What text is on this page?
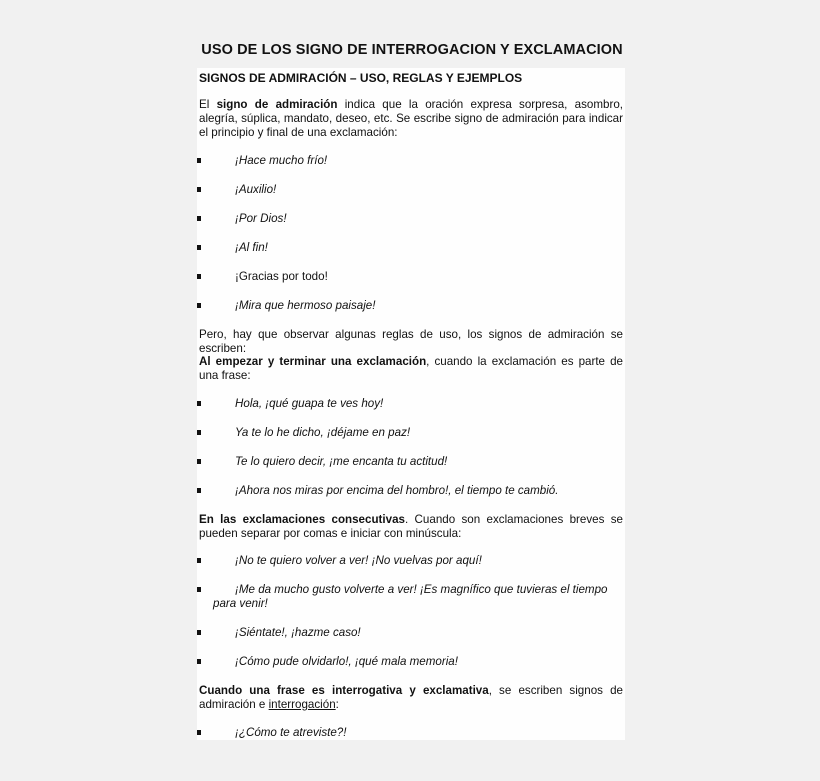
USO DE LOS SIGNO DE INTERROGACION Y EXCLAMACION
SIGNOS DE ADMIRACIÓN – USO, REGLAS Y EJEMPLOS
El signo de admiración indica que la oración expresa sorpresa, asombro, alegría, súplica, mandato, deseo, etc. Se escribe signo de admiración para indicar el principio y final de una exclamación:
¡Hace mucho frío!
¡Auxilio!
¡Por Dios!
¡Al fin!
¡Gracias por todo!
¡Mira que hermoso paisaje!
Pero, hay que observar algunas reglas de uso, los signos de admiración se escriben:
Al empezar y terminar una exclamación, cuando la exclamación es parte de una frase:
Hola, ¡qué guapa te ves hoy!
Ya te lo he dicho, ¡déjame en paz!
Te lo quiero decir, ¡me encanta tu actitud!
¡Ahora nos miras por encima del hombro!, el tiempo te cambió.
En las exclamaciones consecutivas. Cuando son exclamaciones breves se pueden separar por comas e iniciar con minúscula:
¡No te quiero volver a ver! ¡No vuelvas por aquí!
¡Me da mucho gusto volverte a ver! ¡Es magnífico que tuvieras el tiempo
para venir!
¡Siéntate!, ¡hazme caso!
¡Cómo pude olvidarlo!, ¡qué mala memoria!
Cuando una frase es interrogativa y exclamativa, se escriben signos de admiración e interrogación:
¡¿Cómo te atreviste?!
